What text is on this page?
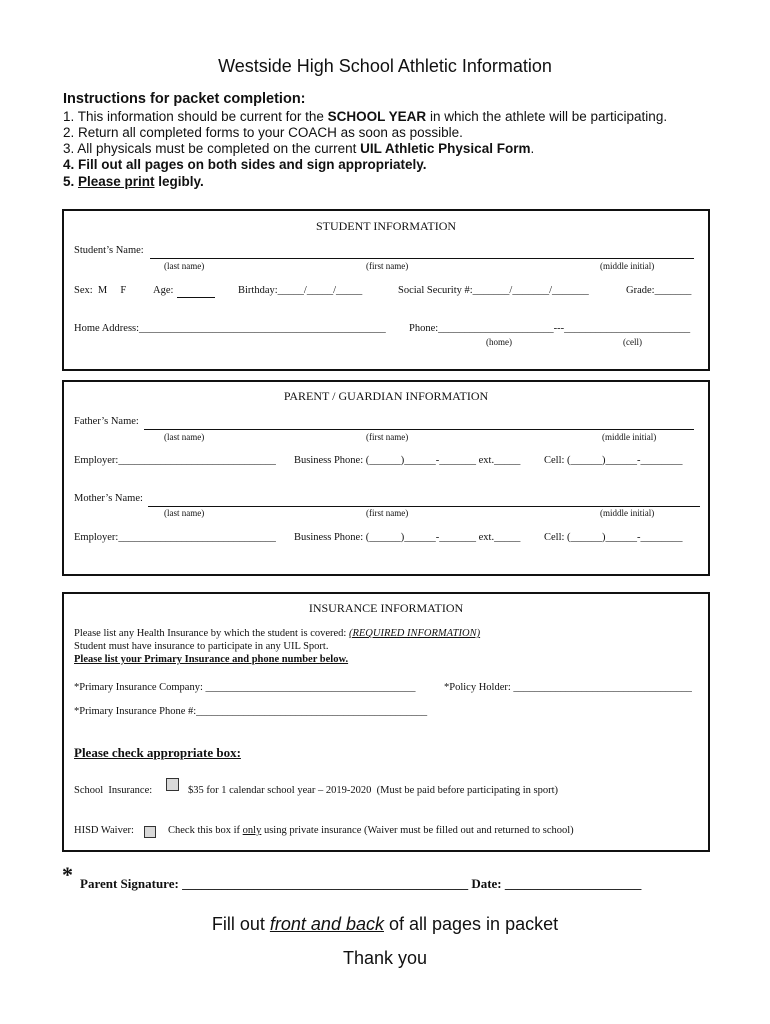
Westside High School Athletic Information
Instructions for packet completion:
1. This information should be current for the SCHOOL YEAR in which the athlete will be participating.
2. Return all completed forms to your COACH as soon as possible.
3. All physicals must be completed on the current UIL Athletic Physical Form.
4. Fill out all pages on both sides and sign appropriately.
5. Please print legibly.
STUDENT INFORMATION
Student’s Name:
(last name)	(first name)	(middle initial)
Sex:  M     F	Age:	Birthday:_____/_____/_____	Social Security #:_______/_______/_______	Grade:_______
Home Address:_______________________________________________ Phone:______________________---________________________
(home)	(cell)
PARENT / GUARDIAN INFORMATION
Father’s Name:
(last name)	(first name)	(middle initial)
Employer:______________________________ Business Phone: (______)______-_______ ext._____ Cell: (______)______-________
Mother’s Name:
(last name)	(first name)	(middle initial)
Employer:______________________________ Business Phone: (______)______-_______ ext._____ Cell: (______)______-________
INSURANCE INFORMATION
Please list any Health Insurance by which the student is covered: (REQUIRED INFORMATION)
Student must have insurance to participate in any UIL Sport.
Please list your Primary Insurance and phone number below.
*Primary Insurance Company: ________________________________________	*Policy Holder: __________________________________
*Primary Insurance Phone #:____________________________________________
Please check appropriate box:
School  Insurance:	$35 for 1 calendar school year – 2019-2020  (Must be paid before participating in sport)
HISD Waiver:	Check this box if only using private insurance (Waiver must be filled out and returned to school)
* Parent Signature: ____________________________________________ Date: _____________________
Fill out front and back of all pages in packet
Thank you
